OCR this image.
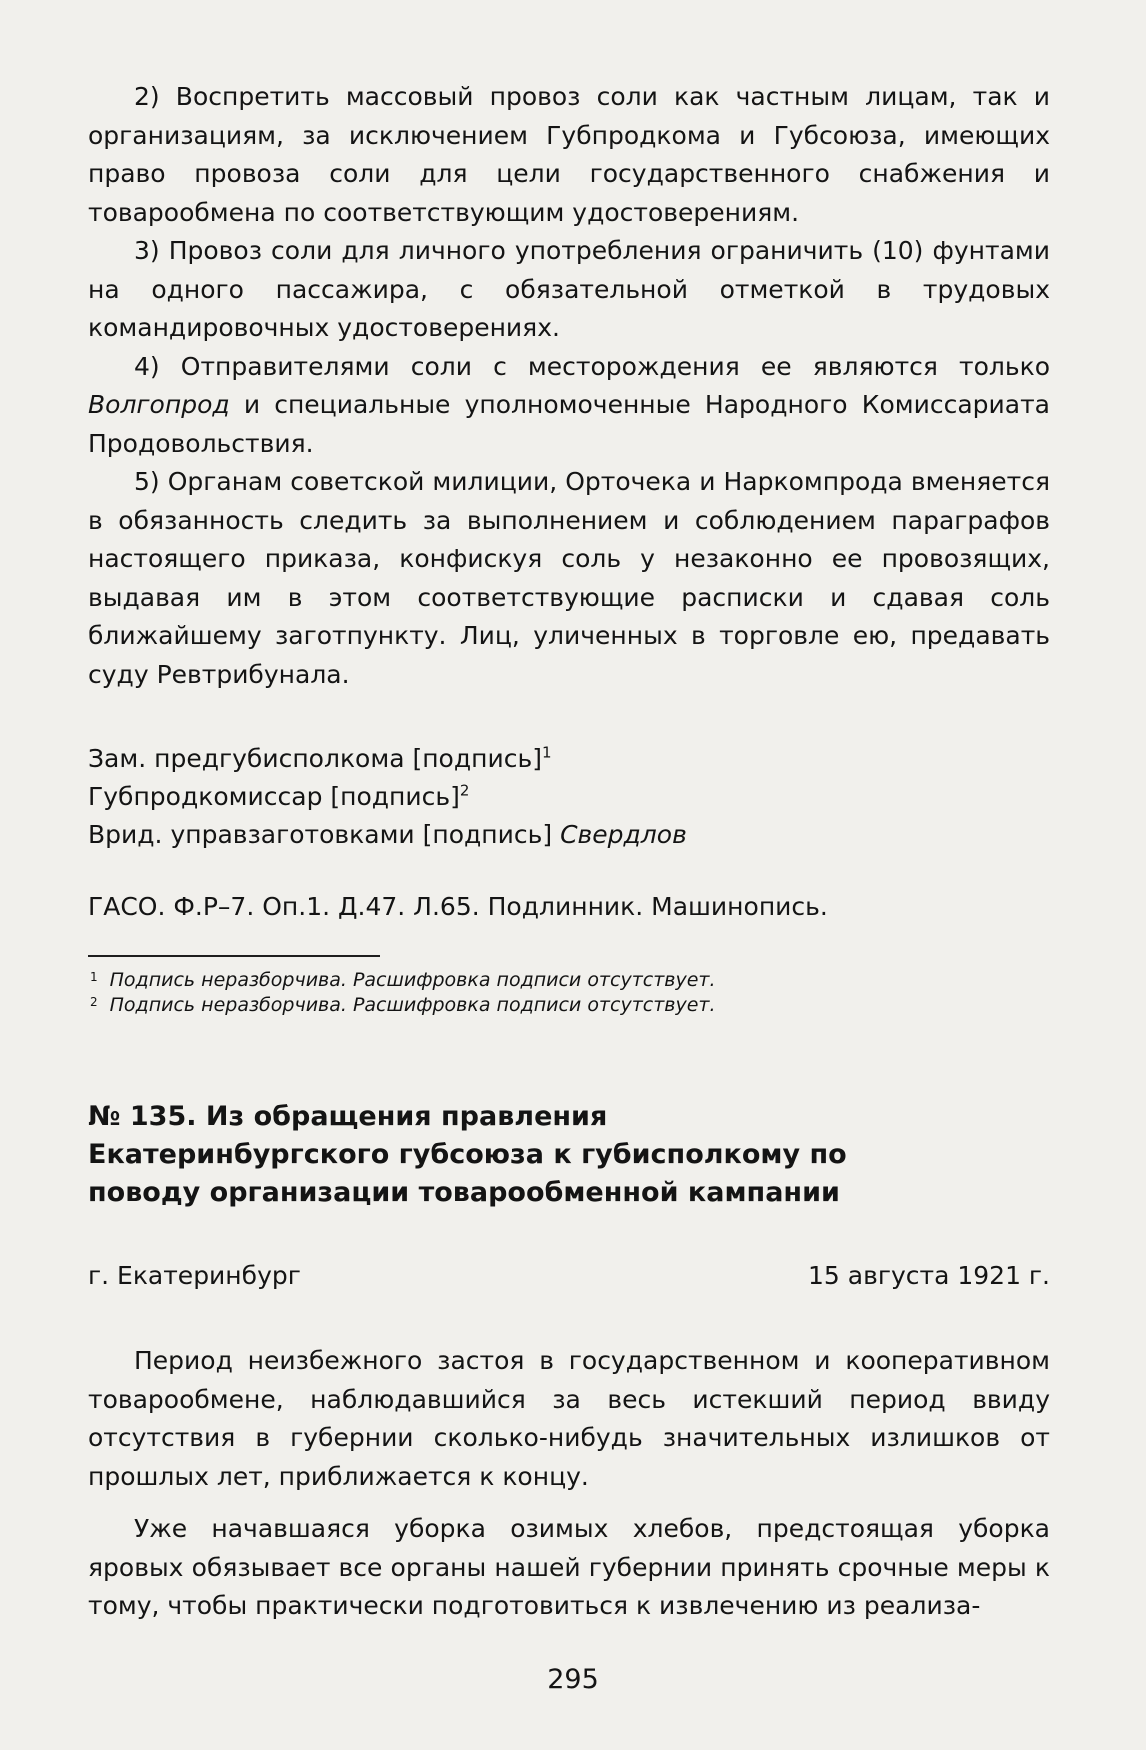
2) Воспретить массовый провоз соли как частным лицам, так и организациям, за исключением Губпродкома и Губсоюза, имеющих право провоза соли для цели государственного снабжения и товарообмена по соответствующим удостоверениям.

3) Провоз соли для личного употребления ограничить (10) фунтами на одного пассажира, с обязательной отметкой в трудовых командировочных удостоверениях.

4) Отправителями соли с месторождения ее являются только Волгопрод и специальные уполномоченные Народного Комиссариата Продовольствия.

5) Органам советской милиции, Орточека и Наркомпрода вменяется в обязанность следить за выполнением и соблюдением параграфов настоящего приказа, конфискуя соль у незаконно ее провозящих, выдавая им в этом соответствующие расписки и сдавая соль ближайшему заготпункту. Лиц, уличенных в торговле ею, предавать суду Ревтрибунала.

Зам. предгубисполкома [подпись]$^1$

Губпродкомиссар [подпись]$^2$

Врид. управзаготовками [подпись] Свердлов

ГАСО. Ф.Р–7. Оп.1. Д.47. Л.65. Подлинник. Машинопись.

$^1$ Подпись неразборчива. Расшифровка подписи отсутствует.

$^2$ Подпись неразборчива. Расшифровка подписи отсутствует.

№ 135. Из обращения правления Екатеринбургского губсоюза к губисполкому по поводу организации товарообменной кампании
г. Екатеринбург	15 августа 1921 г.

Период неизбежного застоя в государственном и кооперативном товарообмене, наблюдавшийся за весь истекший период ввиду отсутствия в губернии сколько-нибудь значительных излишков от прошлых лет, приближается к концу.

Уже начавшаяся уборка озимых хлебов, предстоящая уборка яровых обязывает все органы нашей губернии принять срочные меры к тому, чтобы практически подготовиться к извлечению из реализа-

295
